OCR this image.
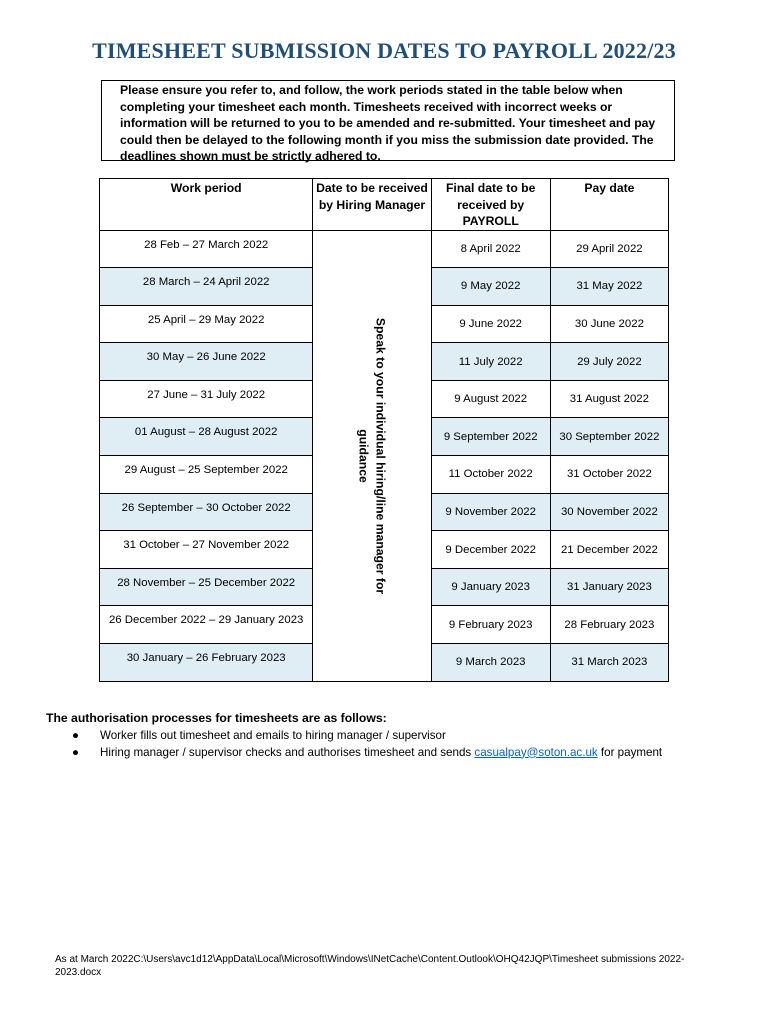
TIMESHEET SUBMISSION DATES TO PAYROLL 2022/23
Please ensure you refer to, and follow, the work periods stated in the table below when completing your timesheet each month. Timesheets received with incorrect weeks or information will be returned to you to be amended and re-submitted. Your timesheet and pay could then be delayed to the following month if you miss the submission date provided. The deadlines shown must be strictly adhered to.
Work period	Date to be received by Hiring Manager	Final date to be received by PAYROLL	Pay date
28 Feb – 27 March 2022	Speak to your individual hiring/line manager for guidance	8 April 2022	29 April 2022
28 March – 24 April 2022		9 May 2022	31 May 2022
25 April – 29 May 2022		9 June 2022	30 June 2022
30 May – 26 June 2022		11 July 2022	29 July 2022
27 June – 31 July 2022		9 August 2022	31 August 2022
01 August – 28 August 2022		9 September 2022	30 September 2022
29 August – 25 September 2022		11 October 2022	31 October 2022
26 September – 30 October 2022		9 November 2022	30 November 2022
31 October – 27 November 2022		9 December 2022	21 December 2022
28 November – 25 December 2022		9 January 2023	31 January 2023
26 December 2022 – 29 January 2023		9 February 2023	28 February 2023
30 January – 26 February 2023		9 March 2023	31 March 2023
The authorisation processes for timesheets are as follows:
● Worker fills out timesheet and emails to hiring manager / supervisor
● Hiring manager / supervisor checks and authorises timesheet and sends casualpay@soton.ac.uk for payment
As at March 2022C:\Users\avc1d12\AppData\Local\Microsoft\Windows\INetCache\Content.Outlook\OHQ42JQP\Timesheet submissions 2022-2023.docx
